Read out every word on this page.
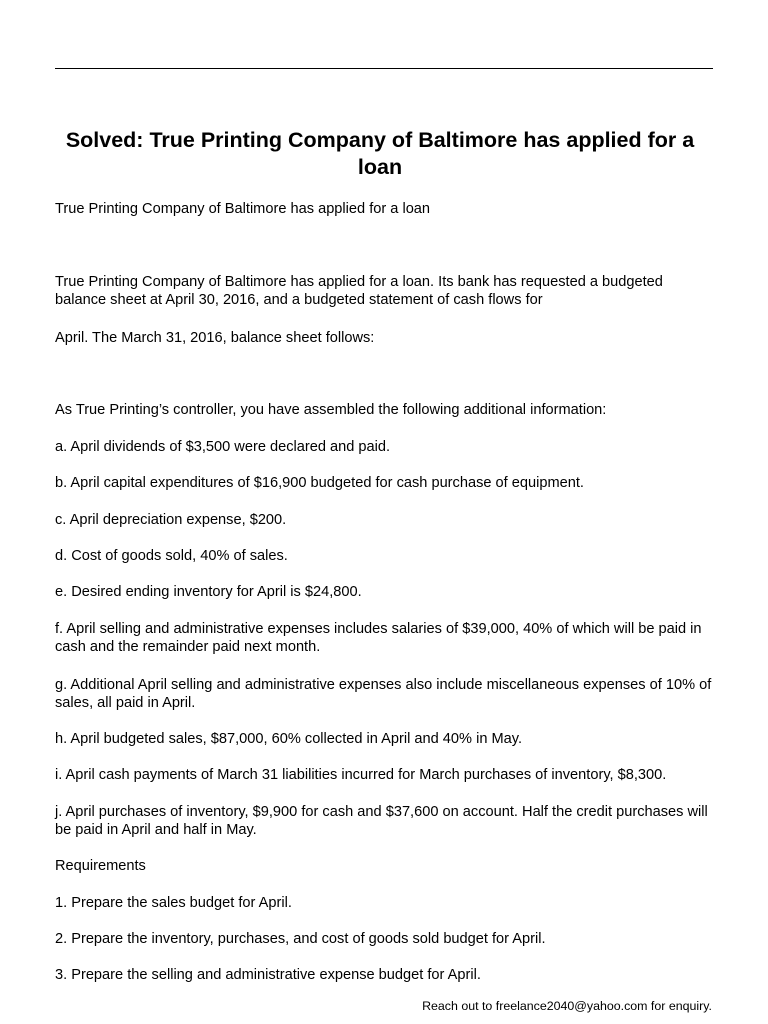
Solved: True Printing Company of Baltimore has applied for a loan

True Printing Company of Baltimore has applied for a loan

True Printing Company of Baltimore has applied for a loan. Its bank has requested a budgeted balance sheet at April 30, 2016, and a budgeted statement of cash flows for

April. The March 31, 2016, balance sheet follows:

As True Printing’s controller, you have assembled the following additional information:

a. April dividends of $3,500 were declared and paid.

b. April capital expenditures of $16,900 budgeted for cash purchase of equipment.

c. April depreciation expense, $200.

d. Cost of goods sold, 40% of sales.

e. Desired ending inventory for April is $24,800.

f. April selling and administrative expenses includes salaries of $39,000, 40% of which will be paid in cash and the remainder paid next month.

g. Additional April selling and administrative expenses also include miscellaneous expenses of 10% of sales, all paid in April.

h. April budgeted sales, $87,000, 60% collected in April and 40% in May.

i. April cash payments of March 31 liabilities incurred for March purchases of inventory, $8,300.

j. April purchases of inventory, $9,900 for cash and $37,600 on account. Half the credit purchases will be paid in April and half in May.

Requirements

1. Prepare the sales budget for April.

2. Prepare the inventory, purchases, and cost of goods sold budget for April.

3. Prepare the selling and administrative expense budget for April.

Reach out to freelance2040@yahoo.com for enquiry.
